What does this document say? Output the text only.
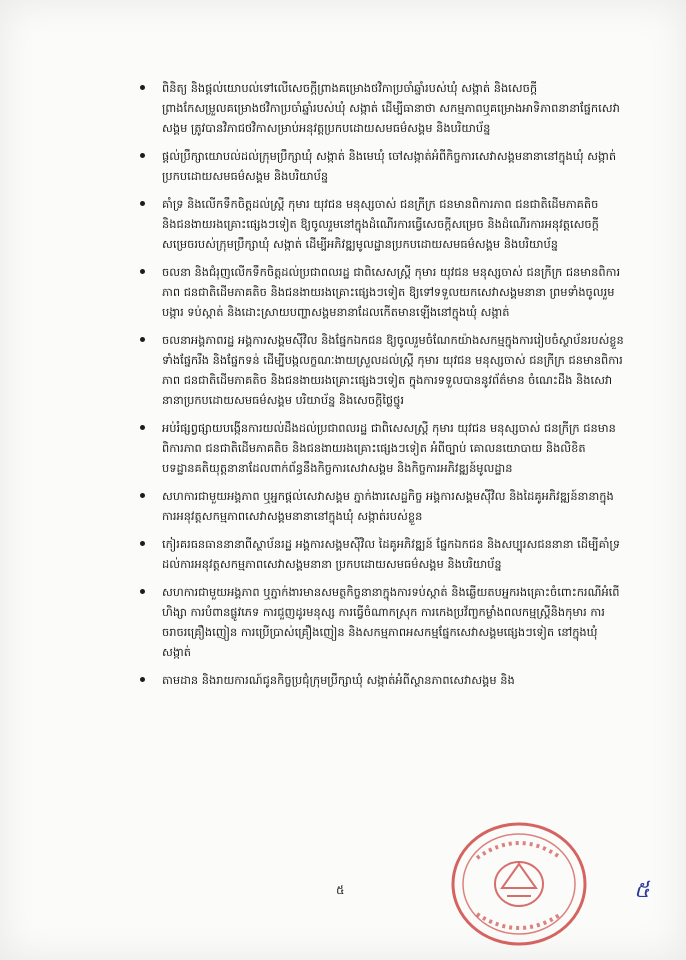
ពិនិត្យ និងផ្តល់យោបល់ទៅលើសេចក្តីព្រាងគម្រោងថវិកាប្រចាំឆ្នាំរបស់ឃុំ សង្កាត់ និងសេចក្តីព្រាងកែសម្រួលគម្រោងថវិកាប្រចាំឆ្នាំរបស់ឃុំ សង្កាត់ ដើម្បីធានាថា សកម្មភាពឬគម្រោងអាទិភាពនានាផ្នែកសេវាសង្គម ត្រូវបានវិភាជថវិកាសម្រាប់អនុវត្តប្រកបដោយសមធម៌សង្គម និងបរិយាប័ន្ន
ផ្តល់ប្រឹក្សាយោបល់ដល់ក្រុមប្រឹក្សាឃុំ សង្កាត់ និងមេឃុំ ចៅសង្កាត់អំពីកិច្ចការសេវាសង្គមនានានៅក្នុងឃុំ សង្កាត់ ប្រកបដោយសមធម៌សង្គម និងបរិយាប័ន្ន
គាំទ្រ និងលើកទឹកចិត្តដល់ស្ត្រី កុមារ យុវជន មនុស្សចាស់ ជនក្រីក្រ ជនមានពិការភាព ជនជាតិដើមភាគតិច និងជនងាយរងគ្រោះផ្សេងៗទៀត ឱ្យចូលរួមនៅក្នុងដំណើរការធ្វើសេចក្តីសម្រេច និងដំណើរការអនុវត្តសេចក្តីសម្រេចរបស់ក្រុមប្រឹក្សាឃុំ សង្កាត់ ដើម្បីអភិវឌ្ឍមូលដ្ឋានប្រកបដោយសមធម៌សង្គម និងបរិយាប័ន្ន
ចលនា និងជំរុញលើកទឹកចិត្តដល់ប្រជាពលរដ្ឋ ជាពិសេសស្ត្រី កុមារ យុវជន មនុស្សចាស់ ជនក្រីក្រ ជនមានពិការភាព ជនជាតិដើមភាគតិច និងជនងាយរងគ្រោះផ្សេងៗទៀត ឱ្យទៅទទួលយកសេវាសង្គមនានា ព្រមទាំងចូលរួមបង្ការ ទប់ស្កាត់ និងដោះស្រាយបញ្ហាសង្គមនានាដែលកើតមានឡើងនៅក្នុងឃុំ សង្កាត់
ចលនាអង្គភាពរដ្ឋ អង្គការសង្គមស៊ីវិល និងផ្នែកឯកជន ឱ្យចូលរួមចំណែកយ៉ាងសកម្មក្នុងការរៀបចំស្ថាប័នរបស់ខ្លួន ទាំងផ្នែករឹង និងផ្នែកទន់ ដើម្បីបង្កលក្ខណៈងាយស្រួលដល់ស្ត្រី កុមារ យុវជន មនុស្សចាស់ ជនក្រីក្រ ជនមានពិការភាព ជនជាតិដើមភាគតិច និងជនងាយរងគ្រោះផ្សេងៗទៀត ក្នុងការទទួលបាននូវព័ត៌មាន ចំណេះដឹង និងសេវានានាប្រកបដោយសមធម៌សង្គម បរិយាប័ន្ន និងសេចក្តីថ្លៃថ្នូរ
អប់រំផ្សព្វផ្សាយបង្កើនការយល់ដឹងដល់ប្រជាពលរដ្ឋ ជាពិសេសស្ត្រី កុមារ យុវជន មនុស្សចាស់ ជនក្រីក្រ ជនមានពិការភាព ជនជាតិដើមភាគតិច និងជនងាយរងគ្រោះផ្សេងៗទៀត អំពីច្បាប់ គោលនយោបាយ និងលិខិតបទដ្ឋានគតិយុត្តនានាដែលពាក់ព័ន្ធនឹងកិច្ចការសេវាសង្គម និងកិច្ចការអភិវឌ្ឍន៍មូលដ្ឋាន
សហការជាមួយអង្គភាព ឬអ្នកផ្តល់សេវាសង្គម ភ្នាក់ងារសេដ្ឋកិច្ច អង្គការសង្គមស៊ីវិល និងដៃគូអភិវឌ្ឍន៍នានាក្នុងការអនុវត្តសកម្មភាពសេវាសង្គមនានានៅក្នុងឃុំ សង្កាត់របស់ខ្លួន
កៀរគរធនធាននានាពីស្ថាប័នរដ្ឋ អង្គការសង្គមស៊ីវិល ដៃគូអភិវឌ្ឍន៍ ផ្នែកឯកជន និងសប្បុរសជននានា ដើម្បីគាំទ្រដល់ការអនុវត្តសកម្មភាពសេវាសង្គមនានា ប្រកបដោយសមធម៌សង្គម និងបរិយាប័ន្ន
សហការជាមួយអង្គភាព ឬភ្នាក់ងារមានសមត្ថកិច្ចនានាក្នុងការទប់ស្កាត់ និងឆ្លើយតបអ្នករងគ្រោះចំពោះករណីអំពើហិង្សា ការបំពានផ្លូវភេទ ការជួញដូរមនុស្ស ការធ្វើចំណាកស្រុក ការកេងប្រវ័ញ្ចកម្លាំងពលកម្មស្ត្រីនិងកុមារ ការចរាចរគ្រឿងញៀន ការប្រើប្រាស់គ្រឿងញៀន និងសកម្មភាពអសកម្មផ្នែកសេវាសង្គមផ្សេងៗទៀត នៅក្នុងឃុំ សង្កាត់
តាមដាន និងរាយការណ៍ជូនកិច្ចប្រជុំក្រុមប្រឹក្សាឃុំ សង្កាត់អំពីស្ថានភាពសេវាសង្គម និង
៥	៥
